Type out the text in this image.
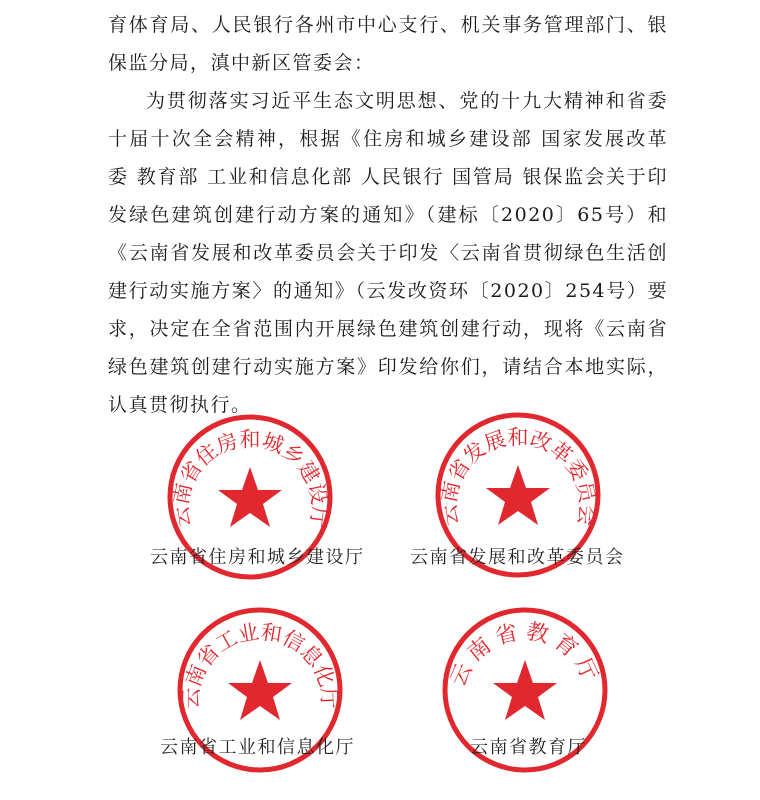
育体育局、人民银行各州市中心支行、机关事务管理部门、银保监分局，滇中新区管委会：

为贯彻落实习近平生态文明思想、党的十九大精神和省委十届十次全会精神，根据《住房和城乡建设部 国家发展改革委 教育部 工业和信息化部 人民银行 国管局 银保监会关于印发绿色建筑创建行动方案的通知》（建标〔2020〕65号）和《云南省发展和改革委员会关于印发〈云南省贯彻绿色生活创建行动实施方案〉的通知》（云发改资环〔2020〕254号）要求，决定在全省范围内开展绿色建筑创建行动，现将《云南省绿色建筑创建行动实施方案》印发给你们，请结合本地实际，认真贯彻执行。

云南省住房和城乡建设厅
云南省住房和城乡建设厅
云南省发展和改革委员会
云南省发展和改革委员会
云南省工业和信息化厅
云南省工业和信息化厅
云南省教育厅
云南省教育厅
